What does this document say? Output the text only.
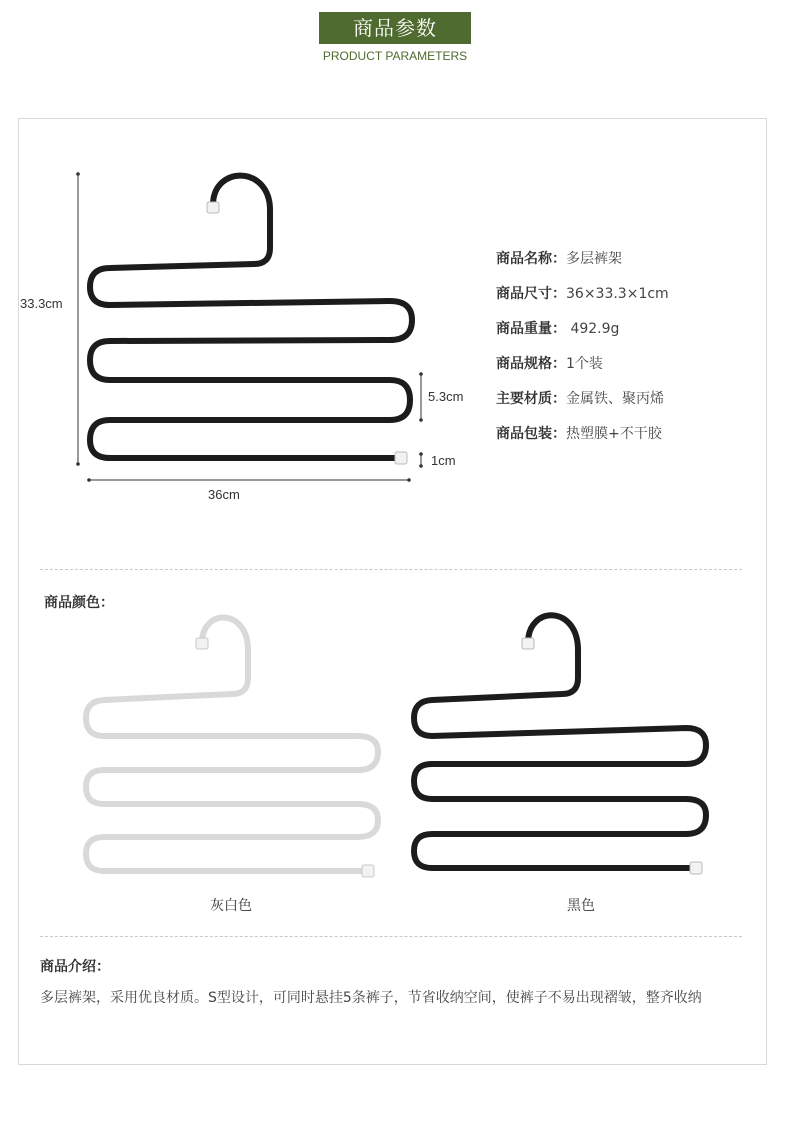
商品参数
PRODUCT PARAMETERS
33.3cm
36cm
5.3cm
1cm
商品名称：多层裤架
商品尺寸：36×33.3×1cm
商品重量： 492.9g
商品规格：1个装
主要材质：金属铁、聚丙烯
商品包装：热塑膜+不干胶
商品颜色：
灰白色	黑色
商品介绍：
多层裤架，采用优良材质。S型设计，可同时悬挂5条裤子，节省收纳空间，使裤子不易出现褶皱，整齐收纳
